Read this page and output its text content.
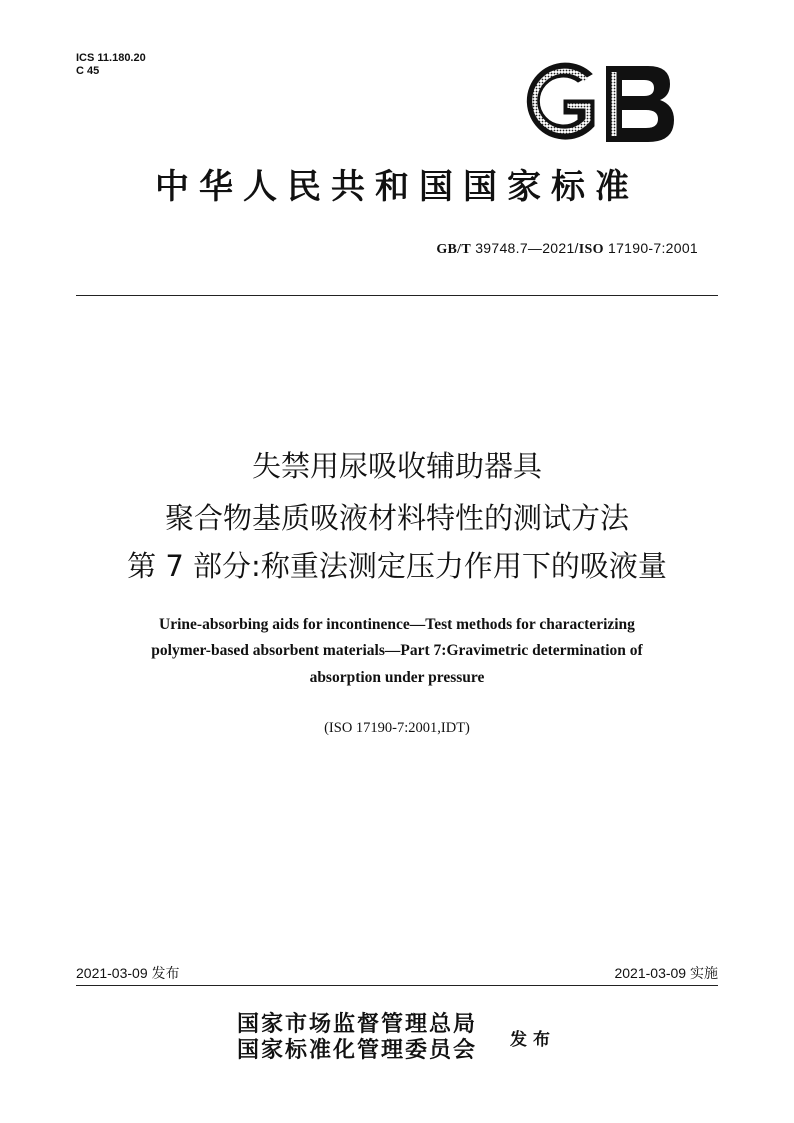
ICS 11.180.20
C 45
中华人民共和国国家标准
GB/T 39748.7—2021/ISO 17190-7:2001
失禁用尿吸收辅助器具
聚合物基质吸液材料特性的测试方法
第 7 部分:称重法测定压力作用下的吸液量
Urine-absorbing aids for incontinence—Test methods for characterizing
polymer-based absorbent materials—Part 7:Gravimetric determination of
absorption under pressure
(ISO 17190-7:2001,IDT)
2021-03-09 发布	2021-03-09 实施
国家市场监督管理总局
国家标准化管理委员会 发布
